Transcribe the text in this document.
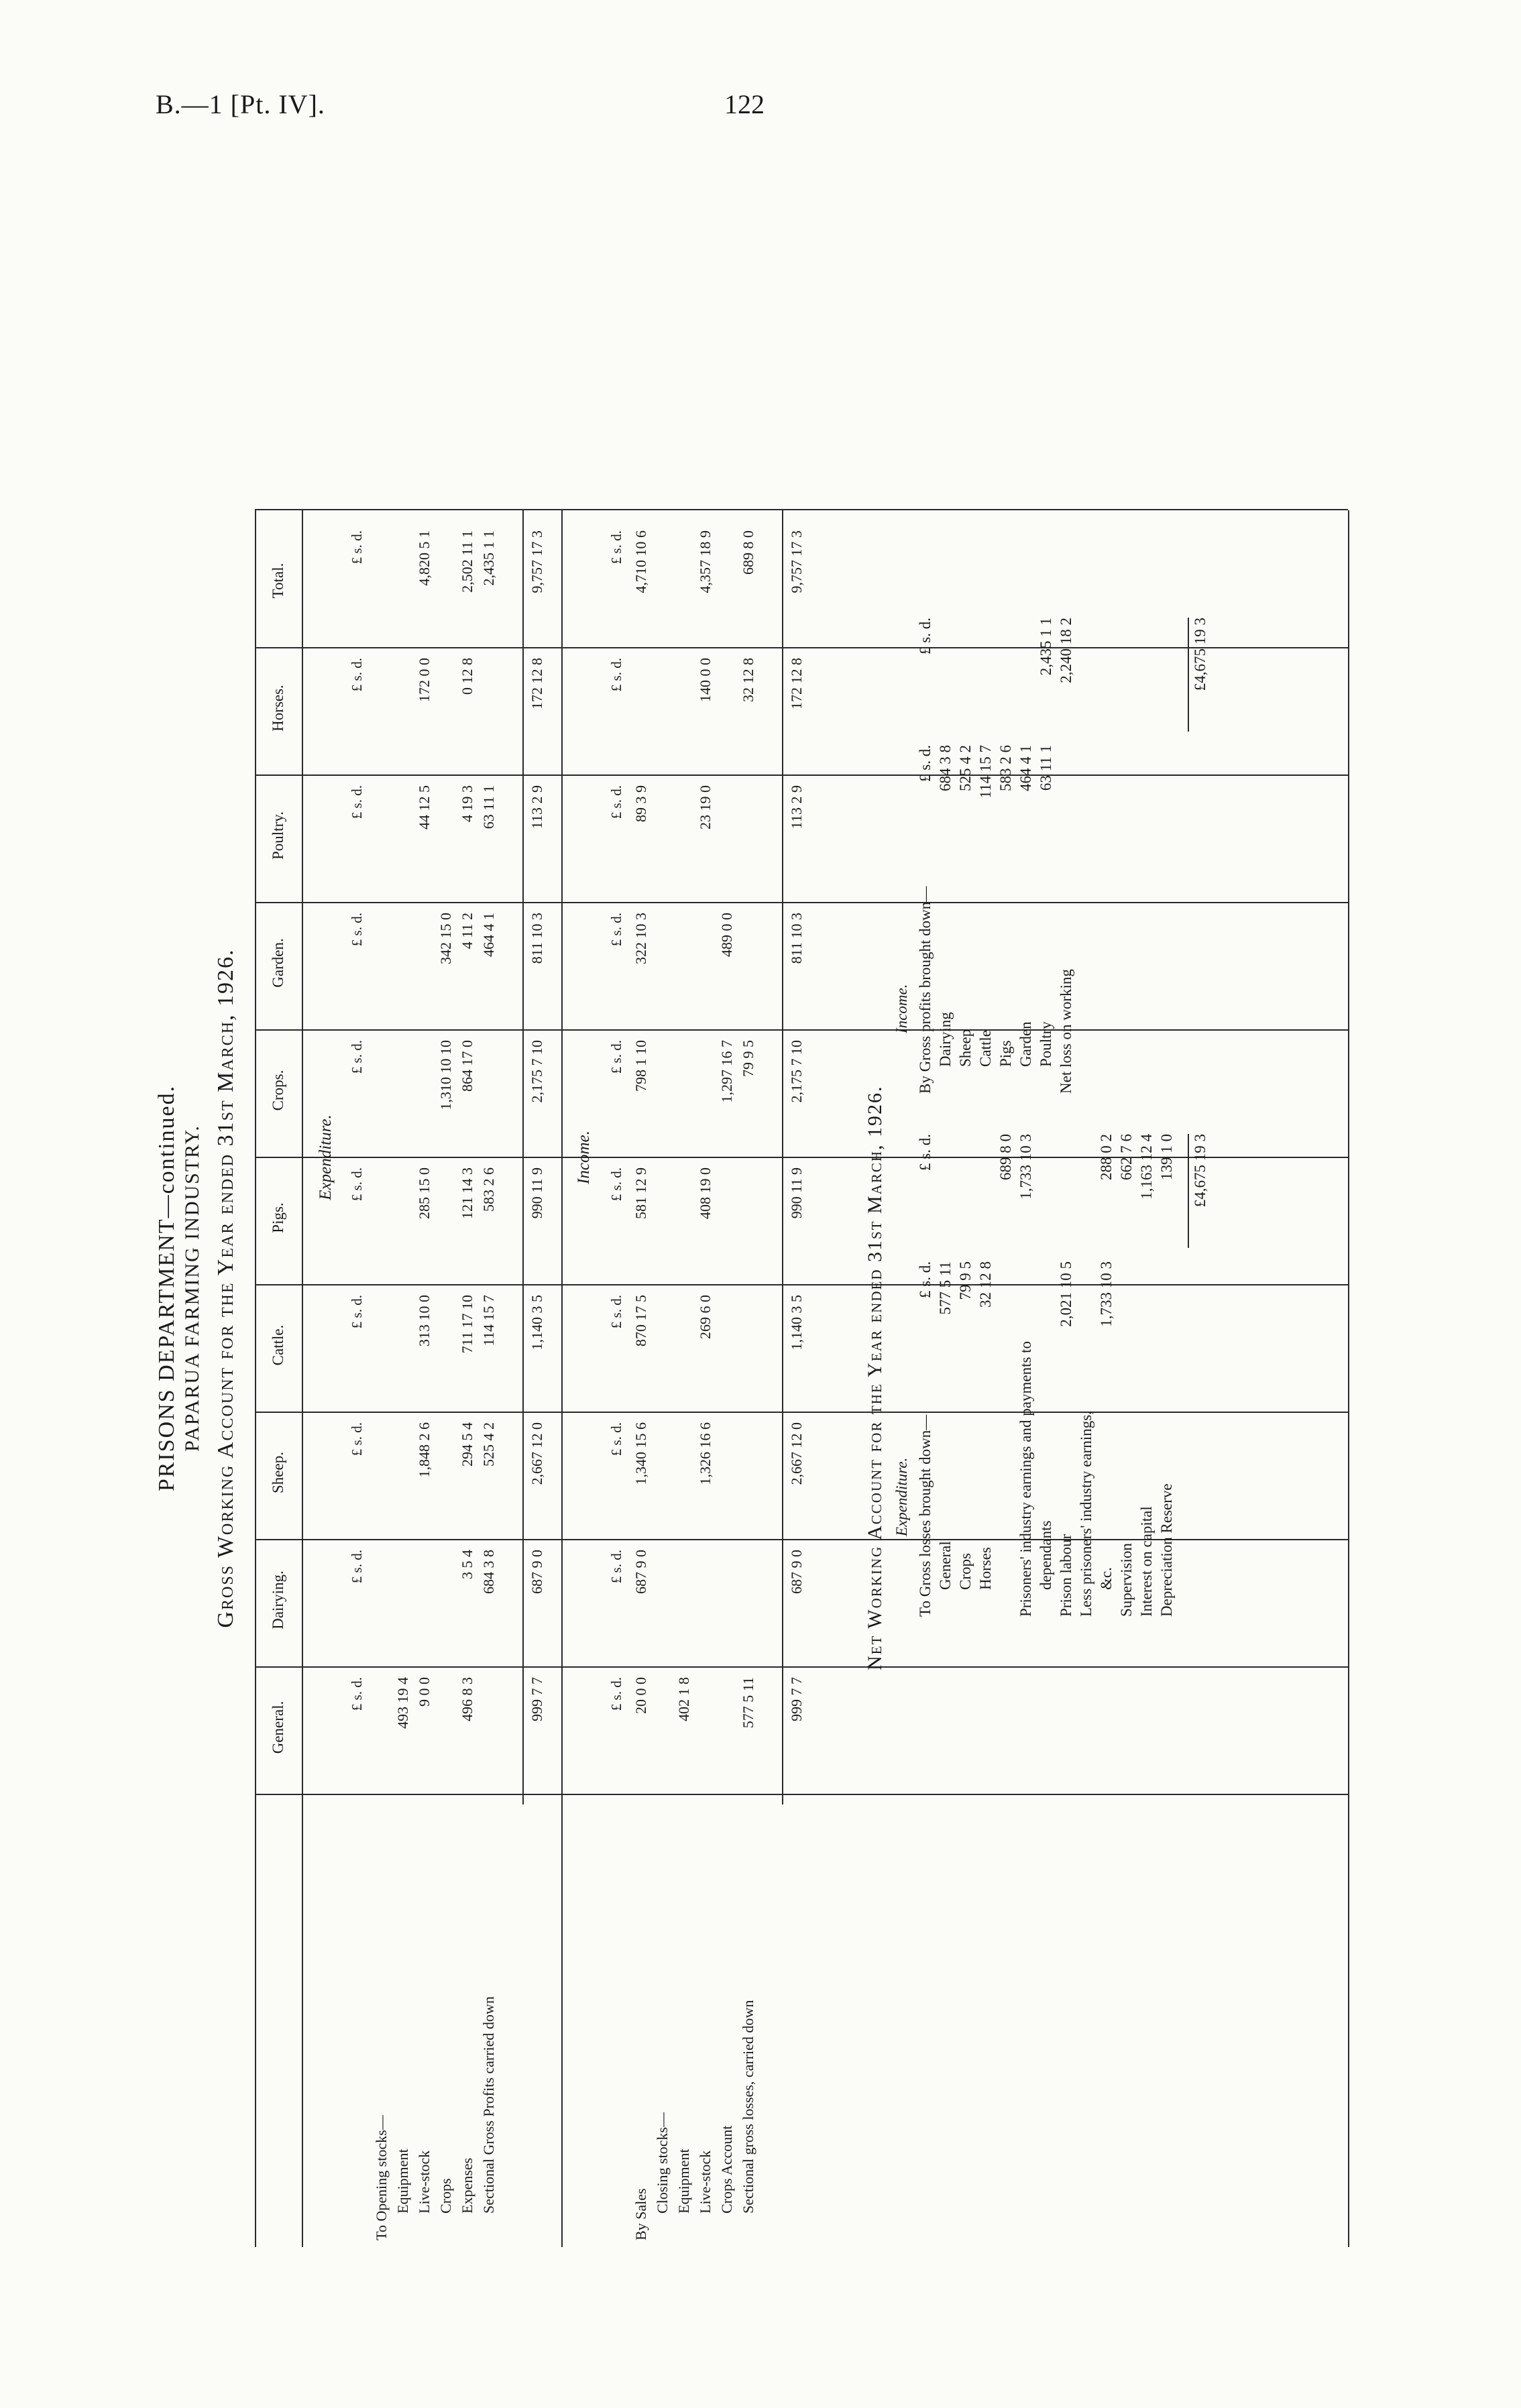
B.—1 [Pt. IV].	122
PRISONS DEPARTMENT—continued. PAPARUA FARMING INDUSTRY. Gross Working Account for the Year ended 31st March, 1926.
General.
Dairying.
Sheep.
Cattle.
Pigs.
Crops.
Garden.
Poultry.
Horses.
Total.
Expenditure.
£ s. d.
£ s. d.
£ s. d.
£ s. d.
£ s. d.
£ s. d.
£ s. d.
£ s. d.
£ s. d.
£ s. d.
To Opening stocks— Equipment
493 19 4
Live-stock
9 0 0
1,848 2 6
313 10 0
285 15 0
44 12 5
172 0 0
4,820 5 1
Crops
1,310 10 10
342 15 0
Expenses
496 8 3
3 5 4
294 5 4
711 17 10
121 14 3
864 17 0
4 11 2
4 19 3
0 12 8
2,502 11 1
Sectional Gross Profits carried down
684 3 8
525 4 2
114 15 7
583 2 6
464 4 1
63 11 1
2,435 1 1
999 7 7
687 9 0
2,667 12 0
1,140 3 5
990 11 9
2,175 7 10
811 10 3
113 2 9
172 12 8
9,757 17 3
Income.
£ s. d.
£ s. d.
£ s. d.
£ s. d.
£ s. d.
£ s. d.
£ s. d.
£ s. d.
£ s. d.
£ s. d.
By Sales
20 0 0
687 9 0
1,340 15 6
870 17 5
581 12 9
798 1 10
322 10 3
89 3 9
4,710 10 6
Closing stocks— Equipment
402 1 8
Live-stock
1,326 16 6
269 6 0
408 19 0
23 19 0
140 0 0
4,357 18 9
Crops Account
1,297 16 7
489 0 0
Sectional gross losses, carried down
577 5 11
79 9 5
32 12 8
689 8 0
999 7 7
687 9 0
2,667 12 0
1,140 3 5
990 11 9
2,175 7 10
811 10 3
113 2 9
172 12 8
9,757 17 3
Net Working Account for the Year ended 31st March, 1926. Expenditure.
Income.
To Gross losses brought down—
£ s. d.
£ s. d.
General
577 5 11
Crops
79 9 5
Horses
32 12 8
689 8 0
Prisoners' industry earnings and payments to
1,733 10 3
dependants Prison labour
2,021 10 5
Less prisoners' industry earnings, &c.
1,733 10 3
288 0 2
Supervision
662 7 6
Interest on capital
1,163 12 4
Depreciation Reserve
139 1 0 £4,675 19 3
By Gross profits brought down—
£ s. d.
£ s. d.
Dairying
684 3 8
Sheep
525 4 2
Cattle
114 15 7
Pigs
583 2 6
Garden
464 4 1
Poultry
63 11 1
2,435 1 1
Net loss on working
2,240 18 2	£4,675 19 3
